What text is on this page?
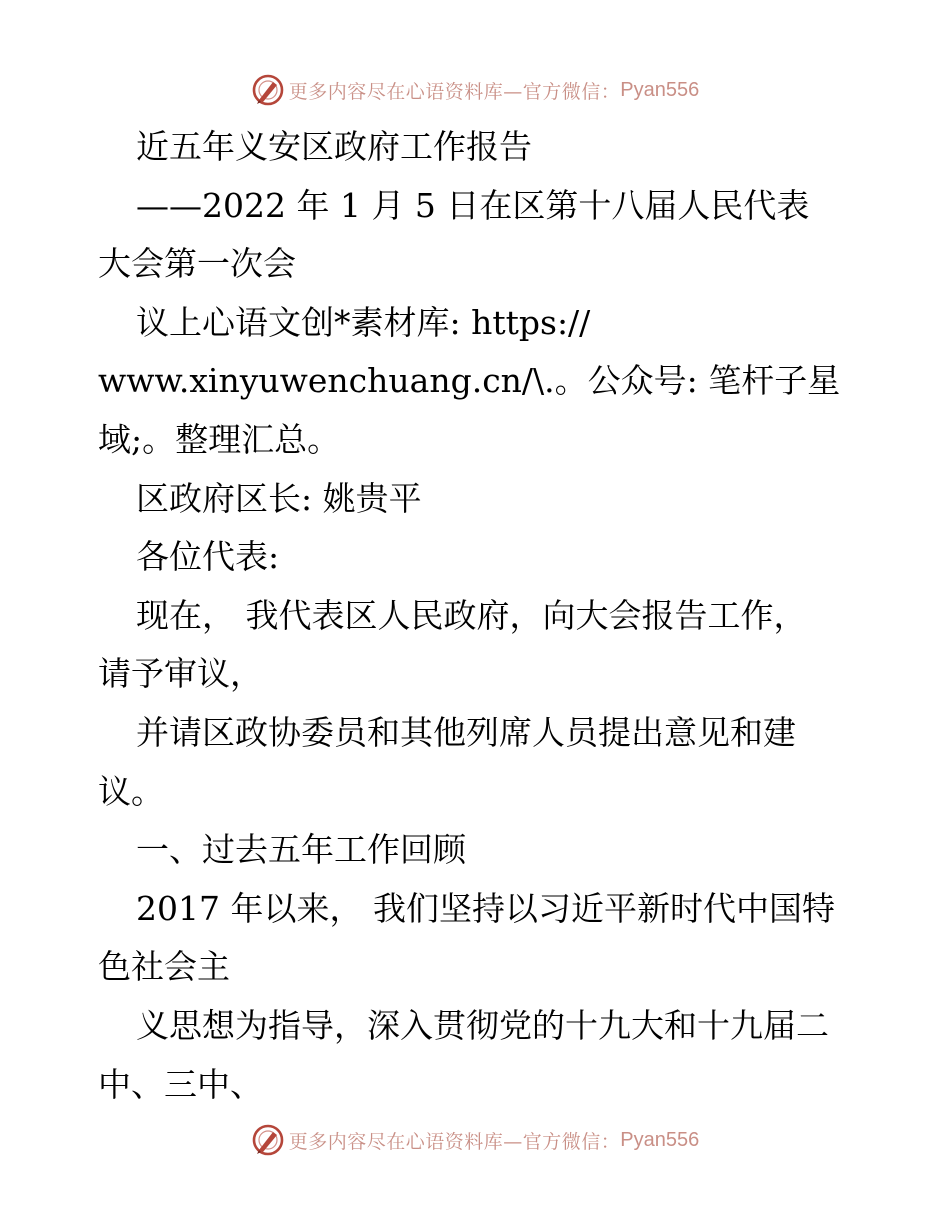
更多内容尽在心语资料库—官方微信： Pyan556
近五年义安区政府工作报告
——2022 年 1 月 5 日在区第十八届人民代表
大会第一次会
议上心语文创*素材库: https://
www.xinyuwenchuang.cn/\.。公众号: 笔杆子星
域;。整理汇总。
区政府区长: 姚贵平
各位代表:
现在， 我代表区人民政府，向大会报告工作，
请予审议，
并请区政协委员和其他列席人员提出意见和建
议。
一、过去五年工作回顾
2017 年以来， 我们坚持以习近平新时代中国特
色社会主
义思想为指导，深入贯彻党的十九大和十九届二
中、三中、
更多内容尽在心语资料库—官方微信： Pyan556
